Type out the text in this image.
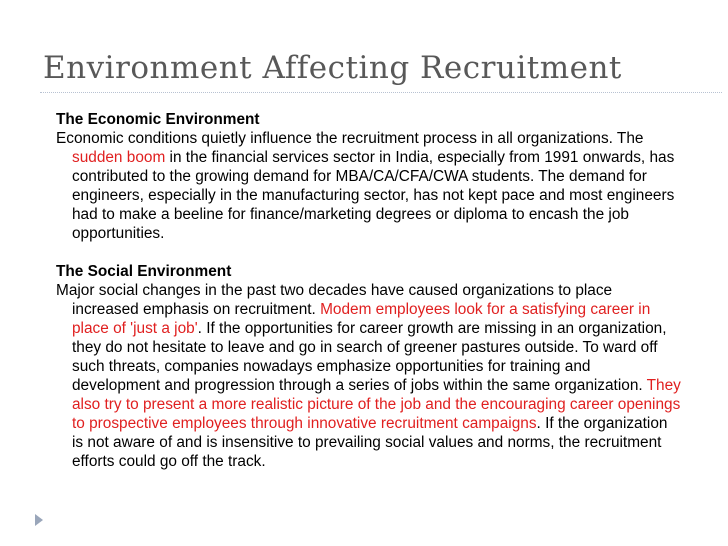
Environment Affecting Recruitment

The Economic Environment

Economic conditions quietly influence the recruitment process in all organizations. The sudden boom in the financial services sector in India, especially from 1991 onwards, has contributed to the growing demand for MBA/CA/CFA/CWA students. The demand for engineers, especially in the manufacturing sector, has not kept pace and most engineers had to make a beeline for finance/marketing degrees or diploma to encash the job opportunities.

The Social Environment

Major social changes in the past two decades have caused organizations to place increased emphasis on recruitment. Modem employees look for a satisfying career in place of 'just a job'. If the opportunities for career growth are missing in an organization, they do not hesitate to leave and go in search of greener pastures outside. To ward off such threats, companies nowadays emphasize opportunities for training and development and progression through a series of jobs within the same organization. They also try to present a more realistic picture of the job and the encouraging career openings to prospective employees through innovative recruitment campaigns. If the organization is not aware of and is insensitive to prevailing social values and norms, the recruitment efforts could go off the track.
